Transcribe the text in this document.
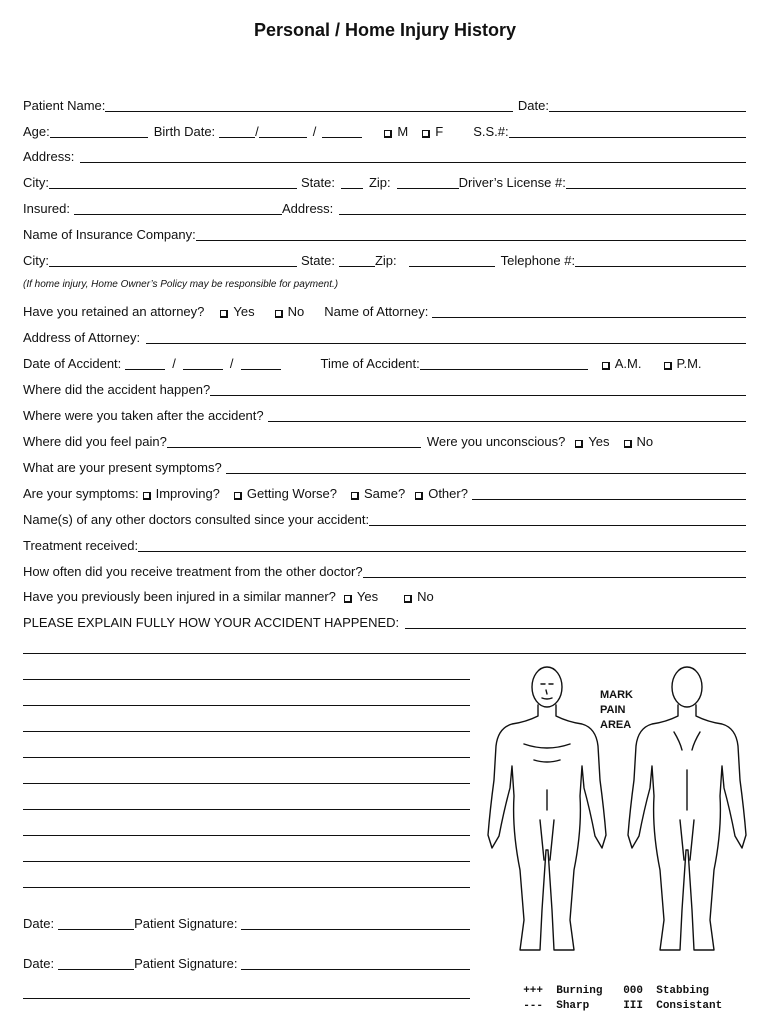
Personal / Home Injury History
Patient Name:	Date:
Age:	Birth Date:	/	/	M F S.S.#:
Address:
City:	State:	Zip:	Driver’s License #:
Insured:	Address:
Name of Insurance Company:
City:	State:	Zip:	Telephone #:
(If home injury, Home Owner’s Policy may be responsible for payment.)
Have you retained an attorney? Yes	No Name of Attorney:
Address of Attorney:
Date of Accident:	/	/	Time of Accident:	A.M.	P.M.
Where did the accident happen?
Where were you taken after the accident?
Where did you feel pain?	Were you unconscious? Yes No
What are your present symptoms?
Are your symptoms: Improving? Getting Worse? Same? Other?
Name(s) of any other doctors consulted since your accident:
Treatment received:
How often did you receive treatment from the other doctor?
Have you previously been injured in a similar manner? Yes	No
PLEASE EXPLAIN FULLY HOW YOUR ACCIDENT HAPPENED:
Date:	Patient Signature:
Date:	Patient Signature:
MARK
PAIN
AREA

+++ Burning	000 Stabbing

--- Sharp	III Consistant
